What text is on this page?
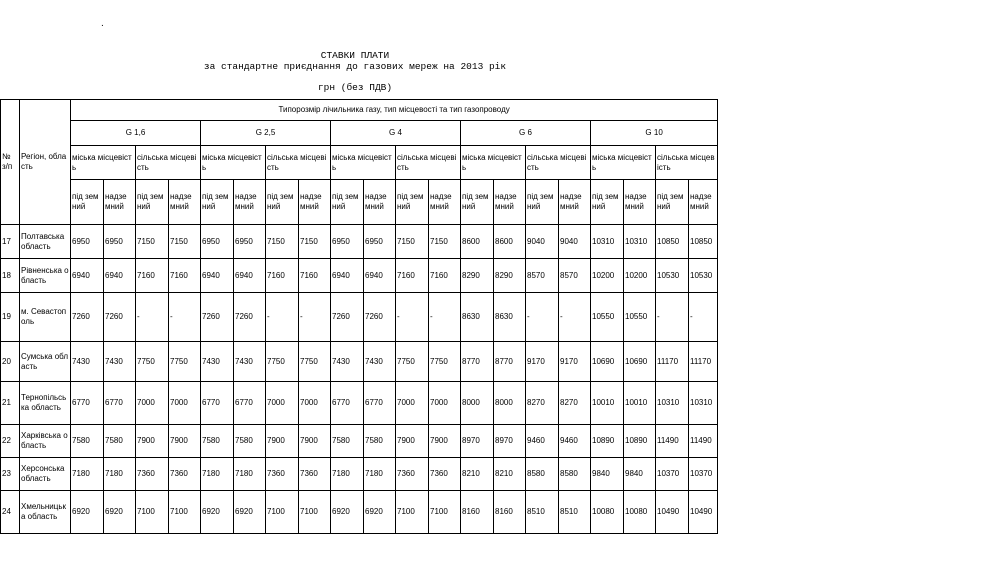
.
СТАВКИ ПЛАТИ
за стандартне приєднання до газових мереж на 2013 рік
грн (без ПДВ)
№ з/п	Регіон, область	Типорозмір лічильника газу, тип місцевості та тип газопроводу																			
		G 1,6				G 2,5				G 4				G 6				G 10			
		міська місцевість		сільська місцевість		міська місцевість		сільська місцевість		міська місцевість		сільська місцевість		міська місцевість		сільська місцевість		міська місцевість		сільська місцевість	
		під земний	надзе мний	під земний	надзе мний	під земний	надзе мний	під земний	надзе мний	під земний	надзе мний	під земний	надзе мний	під земний	надзе мний	під земний	надзе мний	під земний	надзе мний	під земний	надзе мний
17	Полтавська область	6950	6950	7150	7150	6950	6950	7150	7150	6950	6950	7150	7150	8600	8600	9040	9040	10310	10310	10850	10850
18	Рівненська область	6940	6940	7160	7160	6940	6940	7160	7160	6940	6940	7160	7160	8290	8290	8570	8570	10200	10200	10530	10530
19	м. Севастополь	7260	7260	-	-	7260	7260	-	-	7260	7260	-	-	8630	8630	-	-	10550	10550	-	-
20	Сумська область	7430	7430	7750	7750	7430	7430	7750	7750	7430	7430	7750	7750	8770	8770	9170	9170	10690	10690	11170	11170
21	Тернопільська область	6770	6770	7000	7000	6770	6770	7000	7000	6770	6770	7000	7000	8000	8000	8270	8270	10010	10010	10310	10310
22	Харківська область	7580	7580	7900	7900	7580	7580	7900	7900	7580	7580	7900	7900	8970	8970	9460	9460	10890	10890	11490	11490
23	Херсонська область	7180	7180	7360	7360	7180	7180	7360	7360	7180	7180	7360	7360	8210	8210	8580	8580	9840	9840	10370	10370
24	Хмельницька область	6920	6920	7100	7100	6920	6920	7100	7100	6920	6920	7100	7100	8160	8160	8510	8510	10080	10080	10490	10490
